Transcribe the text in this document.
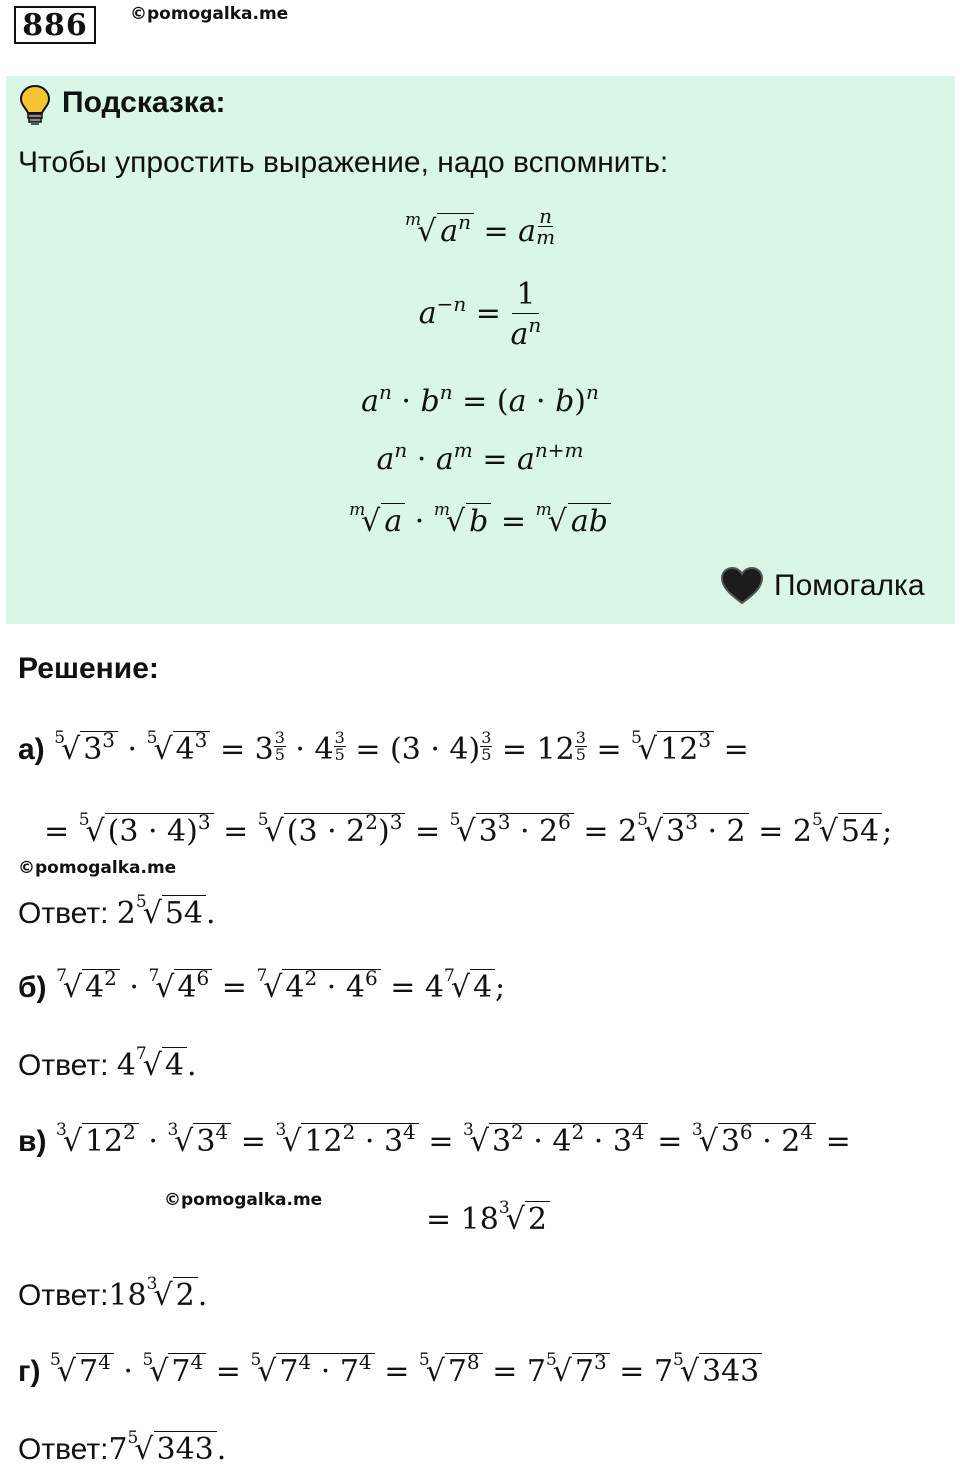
886	©pomogalka.me
Подсказка:
Чтобы упростить выражение, надо вспомнить:
$^m$√ $a^n = a \frac{n}{m}$
$a^{-n} = \frac{1}{a^n}$
$a^n \cdot b^n = (a \cdot b)^n$
$a^n \cdot a^m = a^{n+m}$
$^m$√ a · $^m$√ b = $^m$√ ab
Помогалка
Решение:
а) $^5$√ $3^3 \cdot ^5√$ $4^3 = 3 \frac{3}{5} \cdot 4 \frac{3}{5} = (3 \cdot 4) \frac{3}{5} = 12 \frac{3}{5} = ^5√$ $12^3$ =
= $^5$√ $(3 \cdot 4)^3 = ^5√$ $(3 \cdot 2^2)^3 = ^5√$ $3^3 \cdot 2^6 = 2^5√$ $3^3 \cdot 2 = 2^5√$ 54 ;
©pomogalka.me
Ответ: $2^5√$ 54 .
б) $^7$√ $4^2 \cdot ^7√$ $4^6 = ^7√$ $4^2 \cdot 4^6 = 4^7√$ 4 ;
Ответ: $4^7√$ 4 .
в) $^3$√ $12^2 \cdot ^3√$ $3^4 = ^3√$ $12^2 \cdot 3^4 = ^3√$ $3^2 \cdot 4^2 \cdot 3^4 = ^3√$ $3^6 \cdot 2^4$ =
©pomogalka.me
= $18^3√$ 2
$Ответ:18^3√$ 2 .
г) $^5$√ $7^4 \cdot ^5√$ $7^4 = ^5√$ $7^4 \cdot 7^4 = ^5√$ $7^8 = 7^5√$ $7^3 = 7^5√$ 343
$Ответ:7^5√$ 343 .
